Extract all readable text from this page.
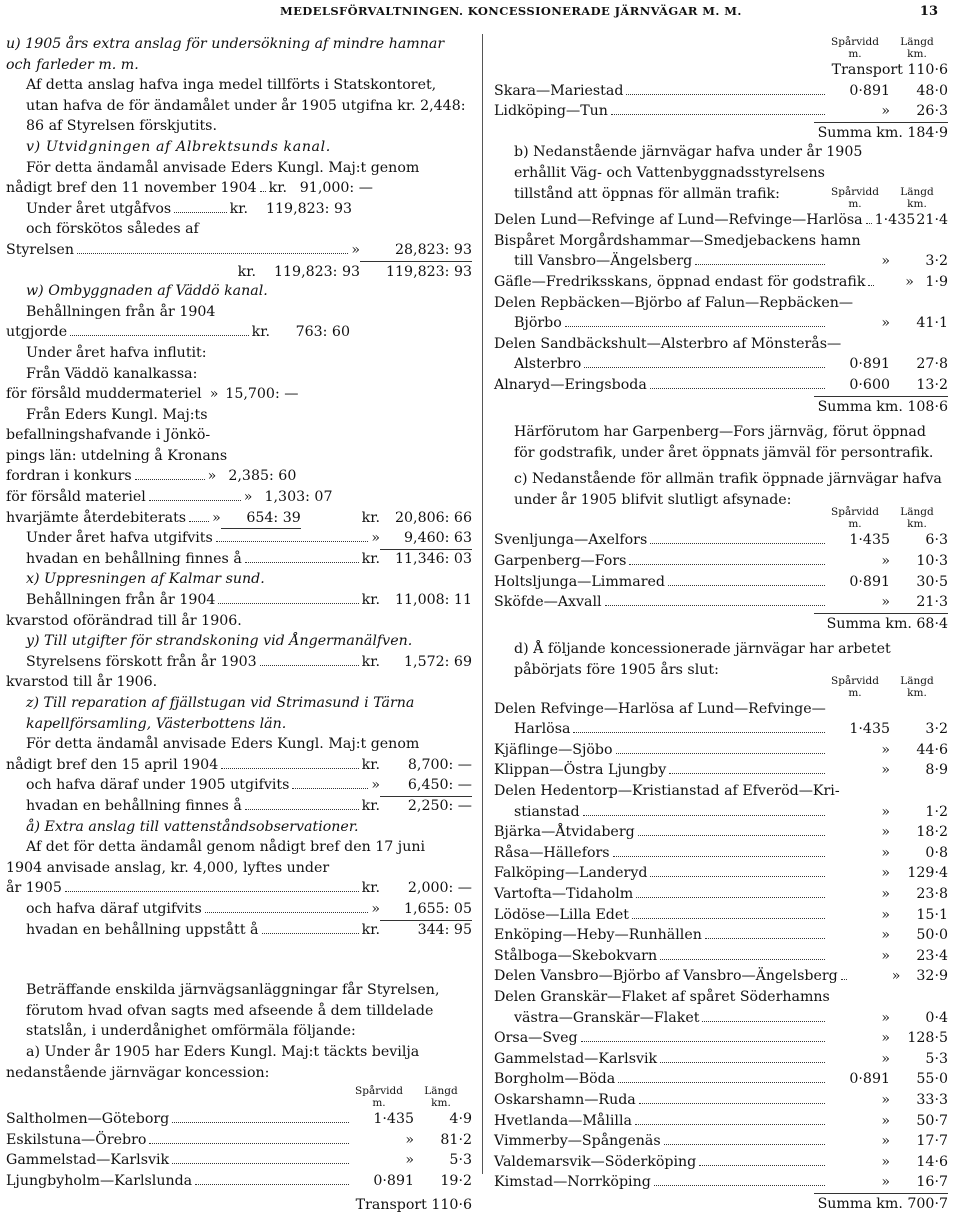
MEDELSFÖRVALTNINGEN. KONCESSIONERADE JÄRNVÄGAR M. M.	13
u) 1905 års extra anslag för undersökning af mindre hamnar och farleder m. m.
Af detta anslag hafva inga medel tillförts i Statskontoret, utan hafva de för ändamålet under år 1905 utgifna kr. 2,448: 86 af Styrelsen förskjutits.
v) Utvidgningen af Albrektsunds kanal.
För detta ändamål anvisade Eders Kungl. Maj:t genom
nådigt bref den 11 november 1904 kr. 91,000: —
Under året utgåfvos	kr.	119,823: 93
och förskötos således af
Styrelsen	»	28,823: 93
kr.	119,823: 93	119,823: 93
w) Ombyggnaden af Väddö kanal.
Behållningen från år 1904
utgjorde	kr.	763: 60
Under året hafva influtit:
Från Väddö kanalkassa:
för försåld muddermateriel » 15,700: —
Från Eders Kungl. Maj:ts
befallningshafvande i Jönkö-
pings län: utdelning å Kronans
fordran i konkurs	» 2,385: 60
för försåld materiel	» 1,303: 07
hvarjämte återdebiterats »	654: 39	kr.	20,806: 66
Under året hafva utgifvits	»	9,460: 63
hvadan en behållning finnes å	kr.	11,346: 03
x) Uppresningen af Kalmar sund.
Behållningen från år 1904	kr.	11,008: 11
kvarstod oförändrad till år 1906.
y) Till utgifter för strandskoning vid Ångermanälfven.
Styrelsens förskott från år 1903	kr.	1,572: 69
kvarstod till år 1906.
z) Till reparation af fjällstugan vid Strimasund i Tärna kapellförsamling, Västerbottens län.
För detta ändamål anvisade Eders Kungl. Maj:t genom
nådigt bref den 15 april 1904	kr.	8,700: —
och hafva däraf under 1905 utgifvits	»	6,450: —
hvadan en behållning finnes å	kr.	2,250: —
å) Extra anslag till vattenståndsobservationer.
Af det för detta ändamål genom nådigt bref den 17 juni
1904 anvisade anslag, kr. 4,000, lyftes under
år 1905	kr.	2,000: —
och hafva däraf utgifvits	»	1,655: 05
hvadan en behållning uppstått å	kr.	344: 95
Beträffande enskilda järnvägsanläggningar får Styrelsen, förutom hvad ofvan sagts med afseende å dem tilldelade statslån, i underdånighet omförmäla följande:
a) Under år 1905 har Eders Kungl. Maj:t täckts bevilja
nedanstående järnvägar koncession:
Spårvidd
m.
Längd
km.
Saltholmen—Göteborg	1·435	4·9
Eskilstuna—Örebro	»	81·2
Gammelstad—Karlsvik	»	5·3
Ljungbyholm—Karlslunda	0·891	19·2
Transport 110·6
Spårvidd
m.
Längd
km.
Transport 110·6
Skara—Mariestad	0·891	48·0
Lidköping—Tun	»	26·3
Summa km. 184·9
b) Nedanstående järnvägar hafva under år 1905 erhållit Väg- och Vattenbyggnadsstyrelsens tillstånd att öppnas för allmän trafik:	Spårvidd
m.
Längd
km.
Delen Lund—Refvinge af Lund—Refvinge—Harlösa 1·435 21·4
Bispåret Morgårdshammar—Smedjebackens hamn
till Vansbro—Ängelsberg	»	3·2
Gäfle—Fredriksskans, öppnad endast för godstrafik	» 1·9
Delen Repbäcken—Björbo af Falun—Repbäcken—
Björbo	»	41·1
Delen Sandbäckshult—Alsterbro af Mönsterås—
Alsterbro	0·891	27·8
Alnaryd—Eringsboda	0·600	13·2
Summa km. 108·6
Härförutom har Garpenberg—Fors järnväg, förut öppnad för godstrafik, under året öppnats jämväl för persontrafik.
c) Nedanstående för allmän trafik öppnade järnvägar hafva under år 1905 blifvit slutligt afsynade:
Spårvidd
m.
Längd
km.
Svenljunga—Axelfors	1·435	6·3
Garpenberg—Fors	»	10·3
Holtsljunga—Limmared	0·891	30·5
Sköfde—Axvall	»	21·3
Summa km. 68·4
d) Å följande koncessionerade järnvägar har arbetet påbörjats före 1905 års slut:
Spårvidd
m.
Längd
km.
Delen Refvinge—Harlösa af Lund—Refvinge—
Harlösa	1·435	3·2
Kjäflinge—Sjöbo	»	44·6
Klippan—Östra Ljungby	»	8·9
Delen Hedentorp—Kristianstad af Efveröd—Kri-
stianstad	»	1·2
Bjärka—Åtvidaberg	»	18·2
Råsa—Hällefors	»	0·8
Falköping—Landeryd	»	129·4
Vartofta—Tidaholm	»	23·8
Lödöse—Lilla Edet	»	15·1
Enköping—Heby—Runhällen	»	50·0
Stålboga—Skebokvarn	»	23·4
Delen Vansbro—Björbo af Vansbro—Ängelsberg	»	32·9
Delen Granskär—Flaket af spåret Söderhamns
västra—Granskär—Flaket	»	0·4
Orsa—Sveg	»	128·5
Gammelstad—Karlsvik	»	5·3
Borgholm—Böda	0·891	55·0
Oskarshamn—Ruda	»	33·3
Hvetlanda—Målilla	»	50·7
Vimmerby—Spångenäs	»	17·7
Valdemarsvik—Söderköping	»	14·6
Kimstad—Norrköping	»	16·7
Summa km. 700·7
